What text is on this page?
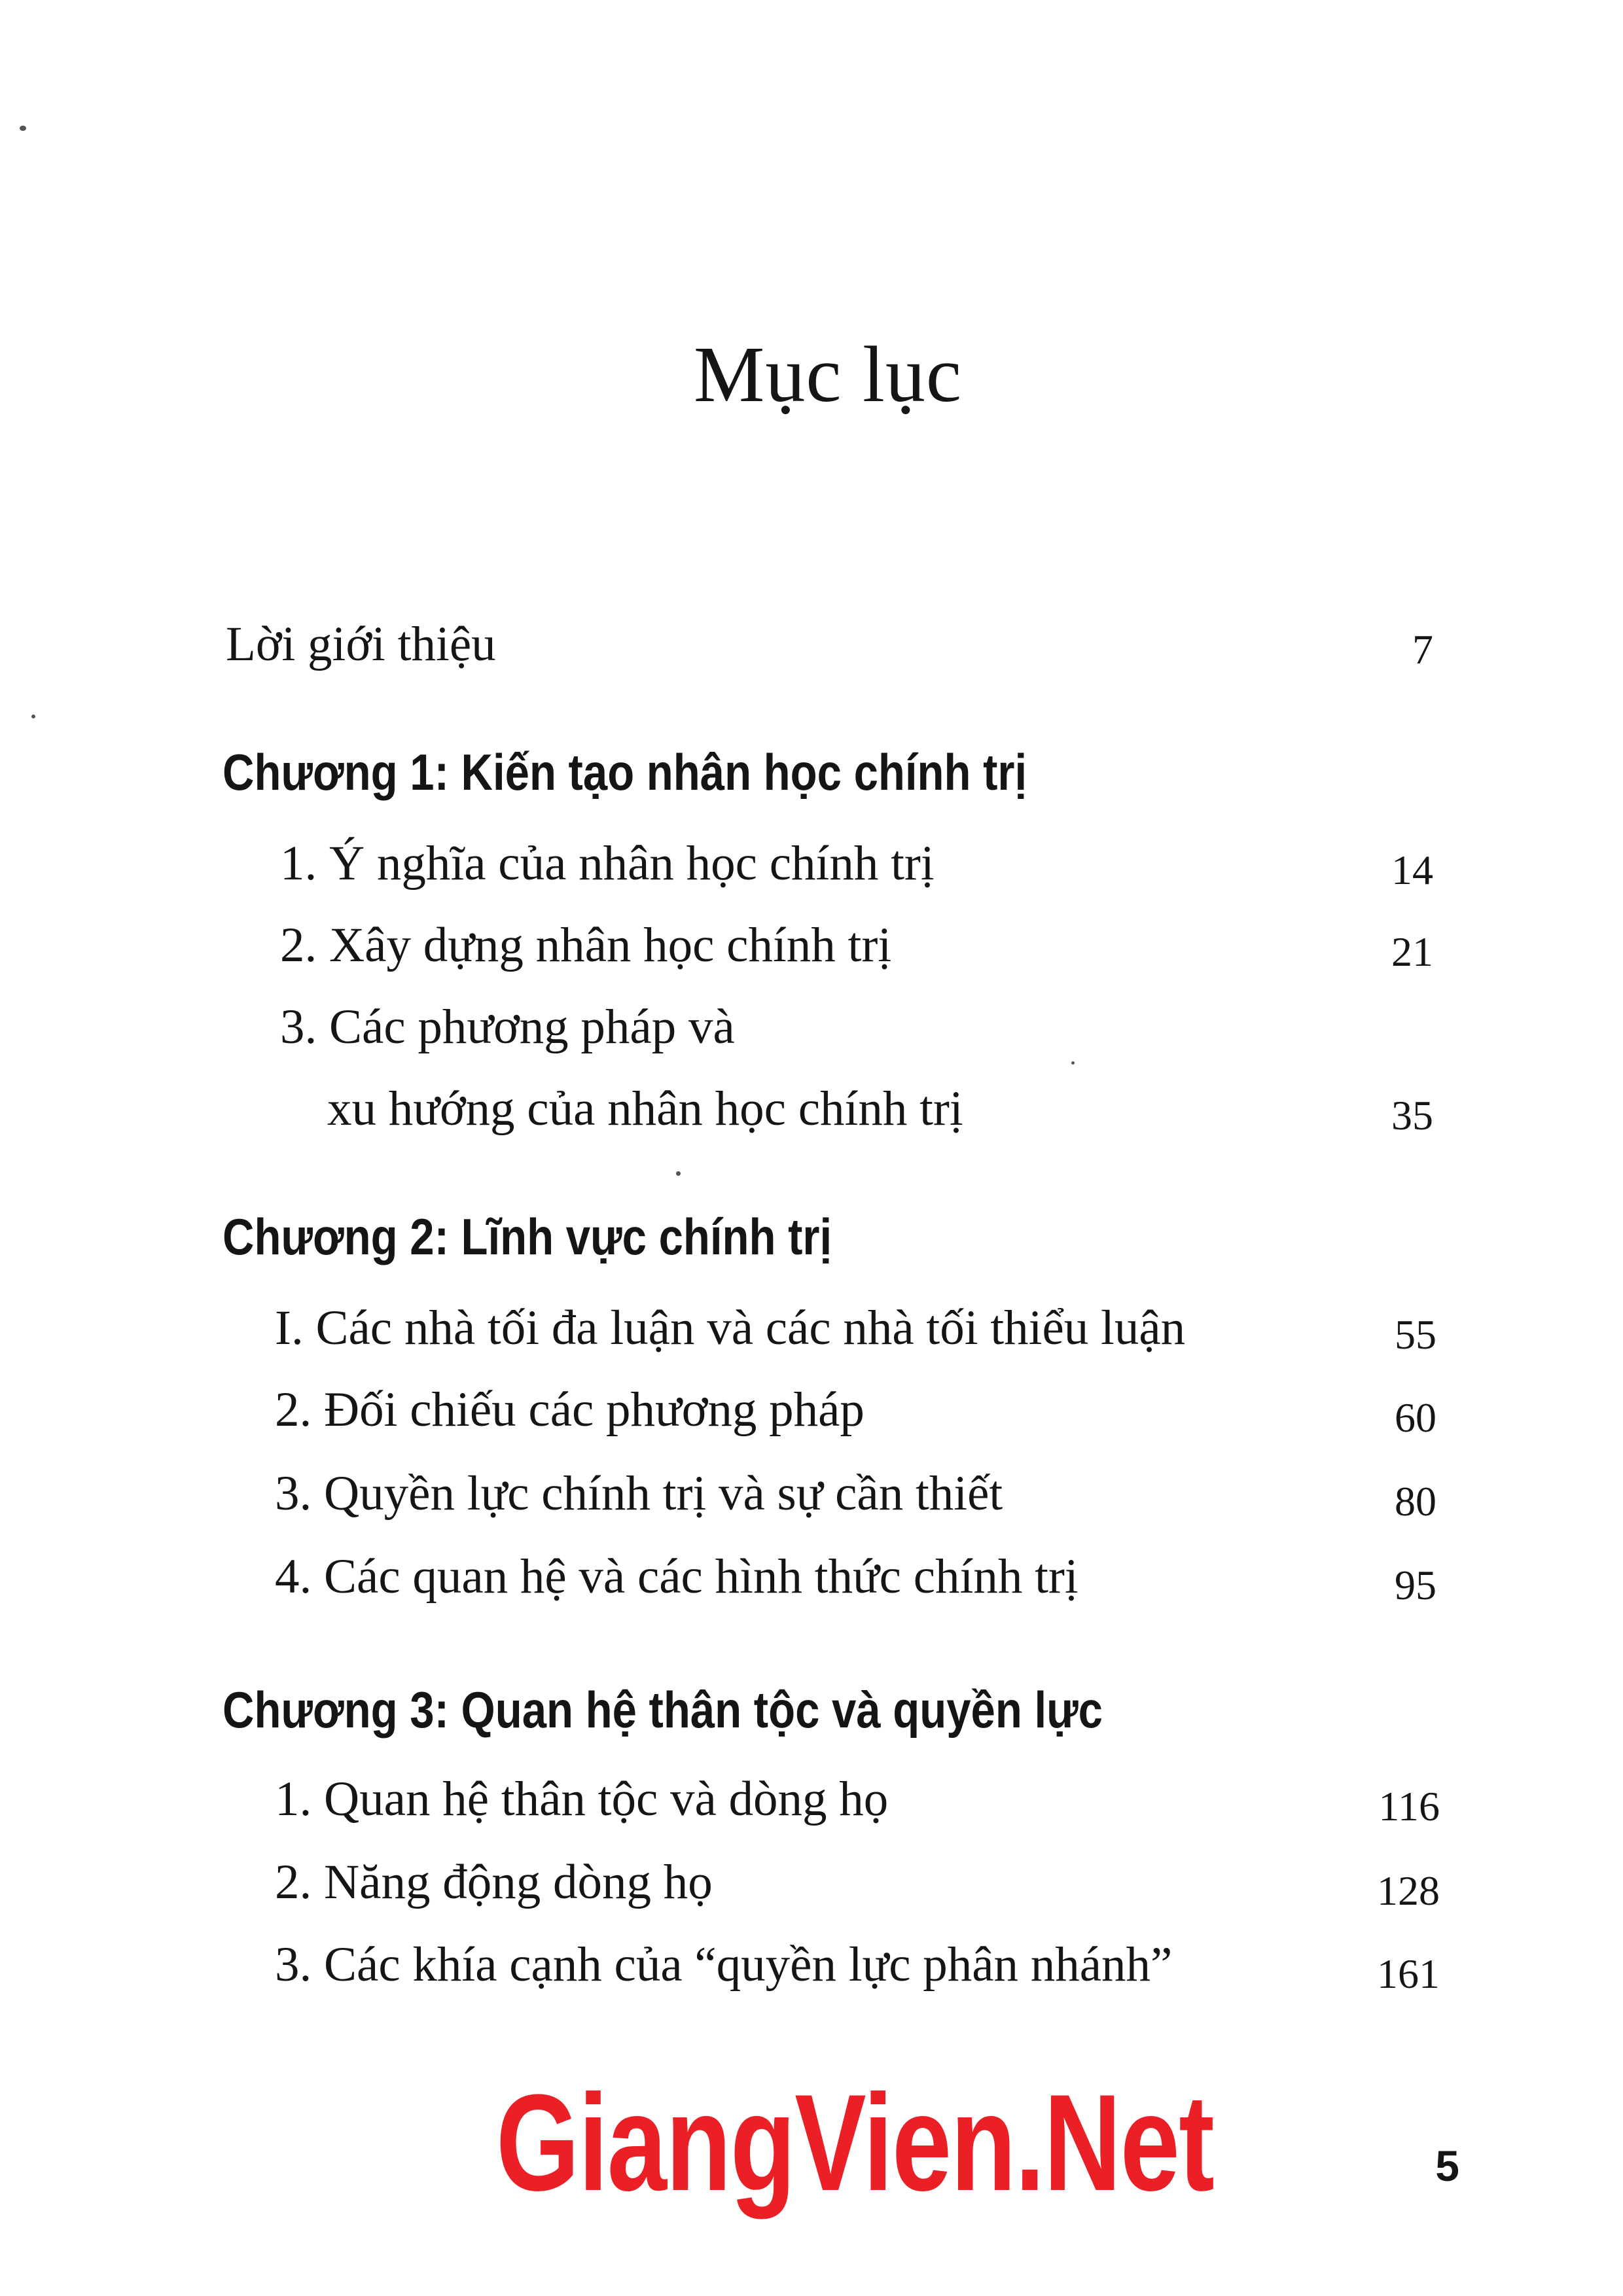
Mục lục
Lời giới thiệu	7
Chương 1: Kiến tạo nhân học chính trị
1. Ý nghĩa của nhân học chính trị	14
2. Xây dựng nhân học chính trị	21
3. Các phương pháp và
xu hướng của nhân học chính trị	35
Chương 2: Lĩnh vực chính trị
I. Các nhà tối đa luận và các nhà tối thiểu luận	55
2. Đối chiếu các phương pháp	60
3. Quyền lực chính trị và sự cần thiết	80
4. Các quan hệ và các hình thức chính trị	95
Chương 3: Quan hệ thân tộc và quyền lực
1. Quan hệ thân tộc và dòng họ	116
2. Năng động dòng họ	128
3. Các khía cạnh của “quyền lực phân nhánh”	161
GiangVien.Net	5
